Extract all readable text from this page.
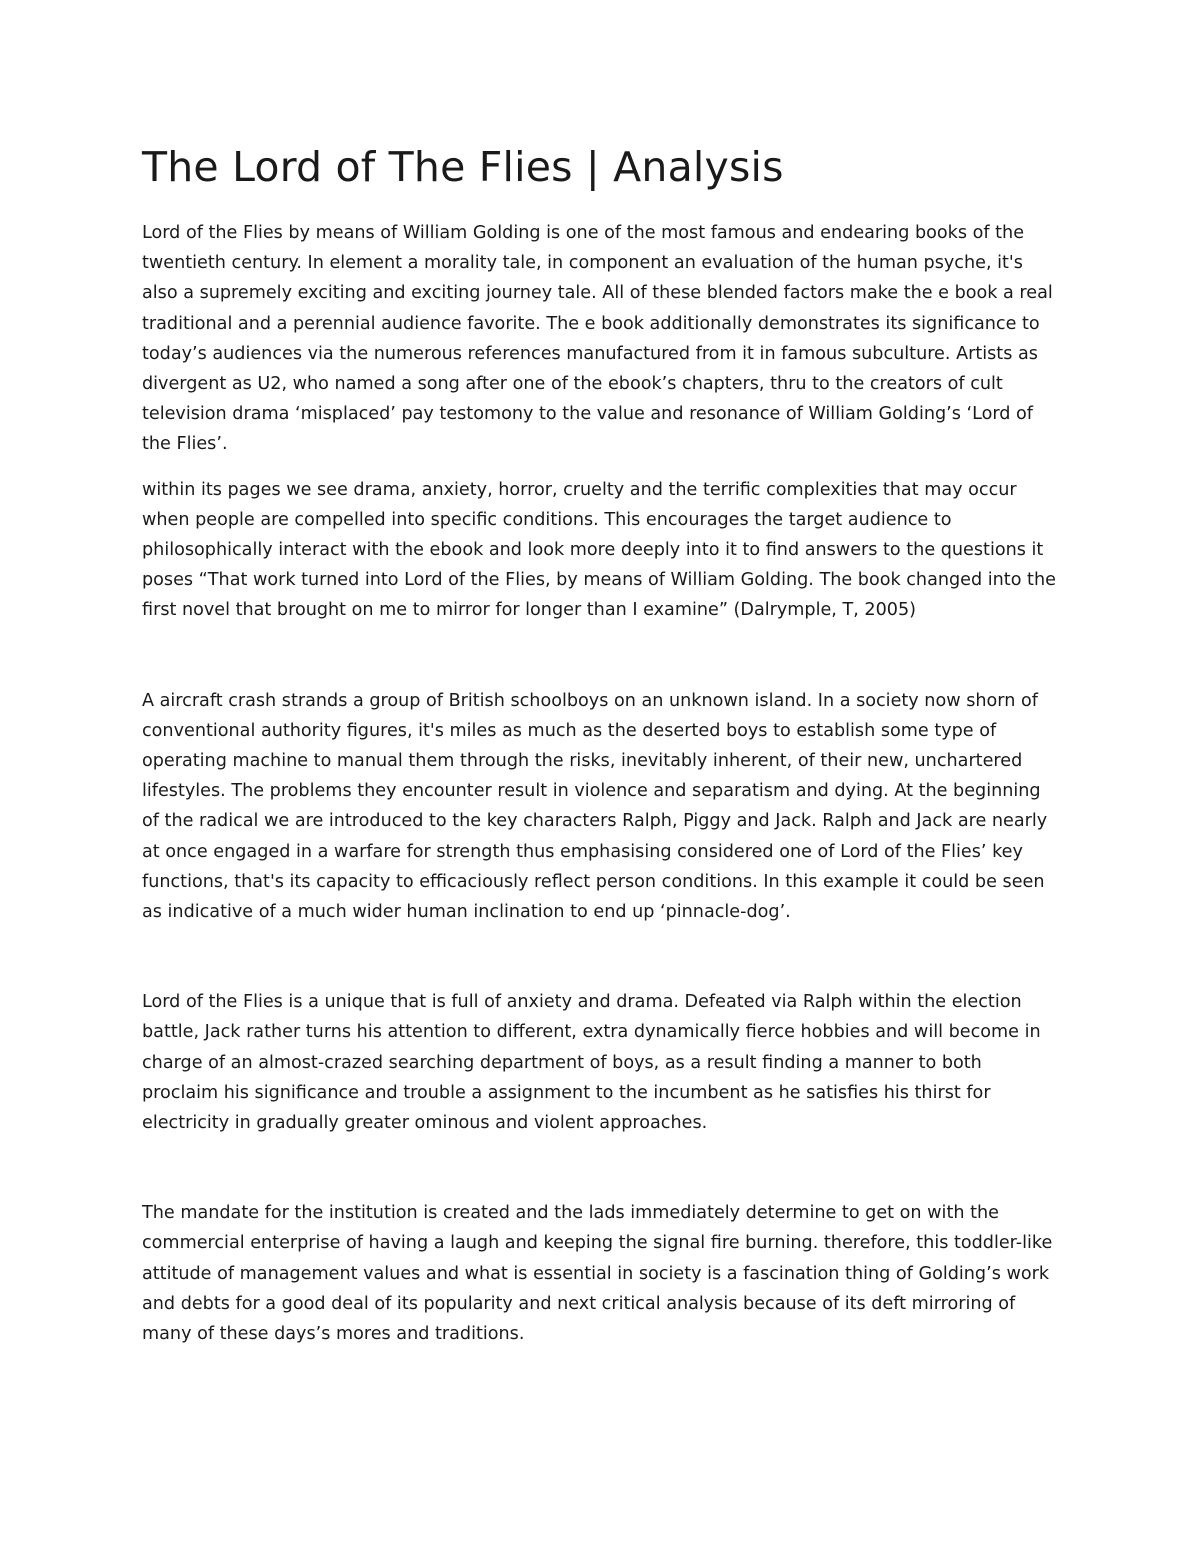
The Lord of The Flies | Analysis

Lord of the Flies by means of William Golding is one of the most famous and endearing books of the twentieth century. In element a morality tale, in component an evaluation of the human psyche, it's also a supremely exciting and exciting journey tale. All of these blended factors make the e book a real traditional and a perennial audience favorite. The e book additionally demonstrates its significance to today’s audiences via the numerous references manufactured from it in famous subculture. Artists as divergent as U2, who named a song after one of the ebook’s chapters, thru to the creators of cult television drama ‘misplaced’ pay testomony to the value and resonance of William Golding’s ‘Lord of the Flies’.

within its pages we see drama, anxiety, horror, cruelty and the terrific complexities that may occur when people are compelled into specific conditions. This encourages the target audience to philosophically interact with the ebook and look more deeply into it to find answers to the questions it poses “That work turned into Lord of the Flies, by means of William Golding. The book changed into the first novel that brought on me to mirror for longer than I examine” (Dalrymple, T, 2005)

A aircraft crash strands a group of British schoolboys on an unknown island. In a society now shorn of conventional authority figures, it's miles as much as the deserted boys to establish some type of operating machine to manual them through the risks, inevitably inherent, of their new, unchartered lifestyles. The problems they encounter result in violence and separatism and dying. At the beginning of the radical we are introduced to the key characters Ralph, Piggy and Jack. Ralph and Jack are nearly at once engaged in a warfare for strength thus emphasising considered one of Lord of the Flies’ key functions, that's its capacity to efficaciously reflect person conditions. In this example it could be seen as indicative of a much wider human inclination to end up ‘pinnacle-dog’.

Lord of the Flies is a unique that is full of anxiety and drama. Defeated via Ralph within the election battle, Jack rather turns his attention to different, extra dynamically fierce hobbies and will become in charge of an almost-crazed searching department of boys, as a result finding a manner to both proclaim his significance and trouble a assignment to the incumbent as he satisfies his thirst for electricity in gradually greater ominous and violent approaches.

The mandate for the institution is created and the lads immediately determine to get on with the commercial enterprise of having a laugh and keeping the signal fire burning. therefore, this toddler-like attitude of management values and what is essential in society is a fascination thing of Golding’s work and debts for a good deal of its popularity and next critical analysis because of its deft mirroring of many of these days’s mores and traditions.
